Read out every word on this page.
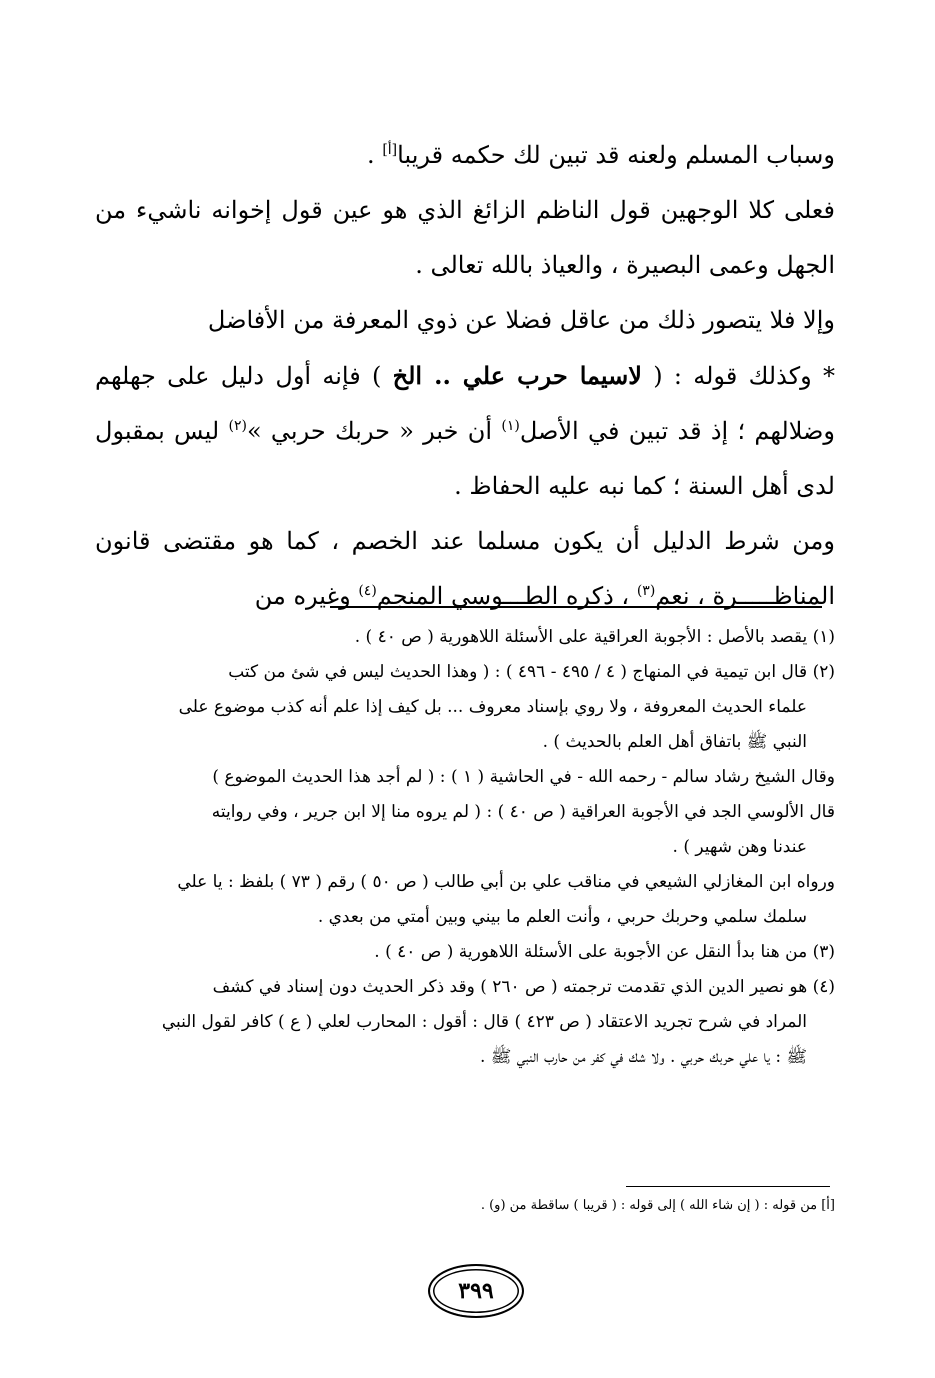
وسباب المسلم ولعنه قد تبين لك حكمه قريبا[أ] .

فعلى كلا الوجهين قول الناظم الزائغ الذي هو عين قول إخوانه ناشيء من الجهل وعمى البصيرة ، والعياذ بالله تعالى .

وإلا فلا يتصور ذلك من عاقل فضلا عن ذوي المعرفة من الأفاضل

* وكذلك قوله : ( لاسيما حرب علي .. الخ ) فإنه أول دليل على جهلهم وضلالهم ؛ إذ قد تبين في الأصل$^{(١)}$ أن خبر « حربك حربي »$^{(٢)}$ ليس بمقبول لدى أهل السنة ؛ كما نبه عليه الحفاظ .

ومن شرط الدليل أن يكون مسلما عند الخصم ، كما هو مقتضى قانون المناظـــــرة ، نعم$^{(٣)}$ ، ذكره الطـــوسي المنجم$^{(٤)}$ وغيره من

(١) يقصد بالأصل : الأجوبة العراقية على الأسئلة اللاهورية ( ص ٤٠ ) .

(٢) قال ابن تيمية في المنهاج ( ٤ / ٤٩٥ - ٤٩٦ ) : ( وهذا الحديث ليس في شئ من كتب

علماء الحديث المعروفة ، ولا روي بإسناد معروف ... بل كيف إذا علم أنه كذب موضوع على

النبي ﷺ باتفاق أهل العلم بالحديث ) .

وقال الشيخ رشاد سالم - رحمه الله - في الحاشية ( ١ ) : ( لم أجد هذا الحديث الموضوع )

قال الألوسي الجد في الأجوبة العراقية ( ص ٤٠ ) : ( لم يروه منا إلا ابن جرير ، وفي روايته

عندنا وهن شهير ) .

ورواه ابن المغازلي الشيعي في مناقب علي بن أبي طالب ( ص ٥٠ ) رقم ( ٧٣ ) بلفظ : يا علي

سلمك سلمي وحربك حربي ، وأنت العلم ما بيني وبين أمتي من بعدي .

(٣) من هنا بدأ النقل عن الأجوبة على الأسئلة اللاهورية ( ص ٤٠ ) .

(٤) هو نصير الدين الذي تقدمت ترجمته ( ص ٢٦٠ ) وقد ذكر الحديث دون إسناد في كشف

المراد في شرح تجريد الاعتقاد ( ص ٤٢٣ ) قال : أقول : المحارب لعلي ( ع ) كافر لقول النبي

ﷺ : يا علي حربك حربي . ولا شك في كفر من حارب النبي ﷺ .

[أ] من قوله : ( إن شاء الله ) إلى قوله : ( قريبا ) ساقطة من (و) .
٣٩٩
